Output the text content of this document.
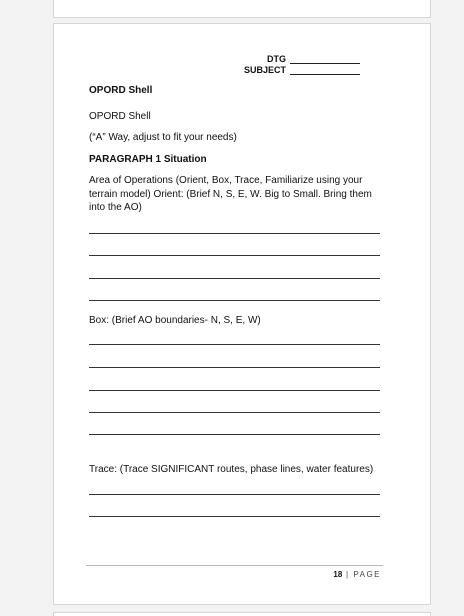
DTG
SUBJECT
OPORD Shell
OPORD Shell
(“A” Way, adjust to fit your needs)
PARAGRAPH 1 Situation
Area of Operations (Orient, Box, Trace, Familiarize using your terrain model) Orient: (Brief N, S, E, W. Big to Small. Bring them into the AO)
Box: (Brief AO boundaries- N, S, E, W)
Trace: (Trace SIGNIFICANT routes, phase lines, water features)
18 | PAGE
